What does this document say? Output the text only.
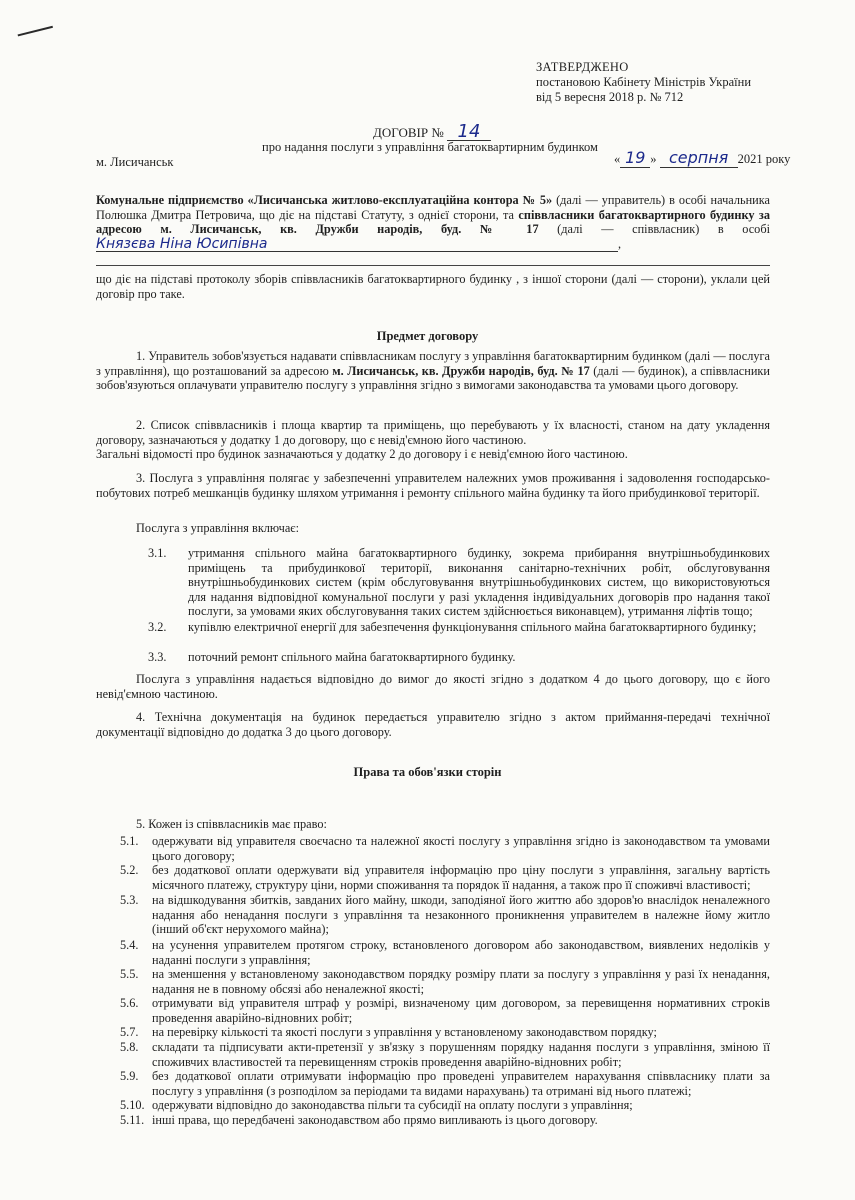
ЗАТВЕРДЖЕНО
постановою Кабінету Міністрів України
від 5 вересня 2018 р. № 712
ДОГОВІР № 14
про надання послуги з управління багатоквартирним будинком
м. Лисичанськ	« 19 » серпня 2021 року
Комунальне підприємство «Лисичанська житлово-експлуатаційна контора № 5» (далі — управитель) в особі начальника Полюшка Дмитра Петровича, що діє на підставі Статуту, з однієї сторони, та співвласники багатоквартирного будинку за адресою м. Лисичанськ, кв. Дружби народів, буд. № 17 (далі — співвласник) в особіКнязєва Ніна Юсипівна	,
що діє на підставі протоколу зборів співвласників багатоквартирного будинку , з іншої сторони (далі — сторони), уклали цей договір про таке.
Предмет договору
1. Управитель зобов'язується надавати співвласникам послугу з управління багатоквартирним будинком (далі — послуга з управління), що розташований за адресою м. Лисичанськ, кв. Дружби народів, буд. № 17 (далі — будинок), а співвласники зобов'язуються оплачувати управителю послугу з управління згідно з вимогами законодавства та умовами цього договору.
2. Список співвласників і площа квартир та приміщень, що перебувають у їх власності, станом на дату укладення договору, зазначаються у додатку 1 до договору, що є невід'ємною його частиною.
Загальні відомості про будинок зазначаються у додатку 2 до договору і є невід'ємною його частиною.
3. Послуга з управління полягає у забезпеченні управителем належних умов проживання і задоволення господарсько-побутових потреб мешканців будинку шляхом утримання і ремонту спільного майна будинку та його прибудинкової території.
Послуга з управління включає:
3.1. утримання спільного майна багатоквартирного будинку, зокрема прибирання внутрішньобудинкових приміщень та прибудинкової території, виконання санітарно-технічних робіт, обслуговування внутрішньобудинкових систем (крім обслуговування внутрішньобудинкових систем, що використовуються для надання відповідної комунальної послуги у разі укладення індивідуальних договорів про надання такої послуги, за умовами яких обслуговування таких систем здійснюється виконавцем), утримання ліфтів тощо;
3.2. купівлю електричної енергії для забезпечення функціонування спільного майна багатоквартирного будинку;
3.3. поточний ремонт спільного майна багатоквартирного будинку.
Послуга з управління надається відповідно до вимог до якості згідно з додатком 4 до цього договору, що є його невід'ємною частиною.
4. Технічна документація на будинок передається управителю згідно з актом приймання-передачі технічної документації відповідно до додатка 3 до цього договору.
Права та обов'язки сторін
5. Кожен із співвласників має право:
5.1. одержувати від управителя своєчасно та належної якості послугу з управління згідно із законодавством та умовами цього договору;
5.2. без додаткової оплати одержувати від управителя інформацію про ціну послуги з управління, загальну вартість місячного платежу, структуру ціни, норми споживання та порядок її надання, а також про її споживчі властивості;
5.3. на відшкодування збитків, завданих його майну, шкоди, заподіяної його життю або здоров'ю внаслідок неналежного надання або ненадання послуги з управління та незаконного проникнення управителем в належне йому житло (інший об'єкт нерухомого майна);
5.4. на усунення управителем протягом строку, встановленого договором або законодавством, виявлених недоліків у наданні послуги з управління;
5.5. на зменшення у встановленому законодавством порядку розміру плати за послугу з управління у разі їх ненадання, надання не в повному обсязі або неналежної якості;
5.6. отримувати від управителя штраф у розмірі, визначеному цим договором, за перевищення нормативних строків проведення аварійно-відновних робіт;
5.7. на перевірку кількості та якості послуги з управління у встановленому законодавством порядку;
5.8. складати та підписувати акти-претензії у зв'язку з порушенням порядку надання послуги з управління, зміною її споживчих властивостей та перевищенням строків проведення аварійно-відновних робіт;
5.9. без додаткової оплати отримувати інформацію про проведені управителем нарахування співвласнику плати за послугу з управління (з розподілом за періодами та видами нарахувань) та отримані від нього платежі;
5.10. одержувати відповідно до законодавства пільги та субсидії на оплату послуги з управління;
5.11. інші права, що передбачені законодавством або прямо випливають із цього договору.
